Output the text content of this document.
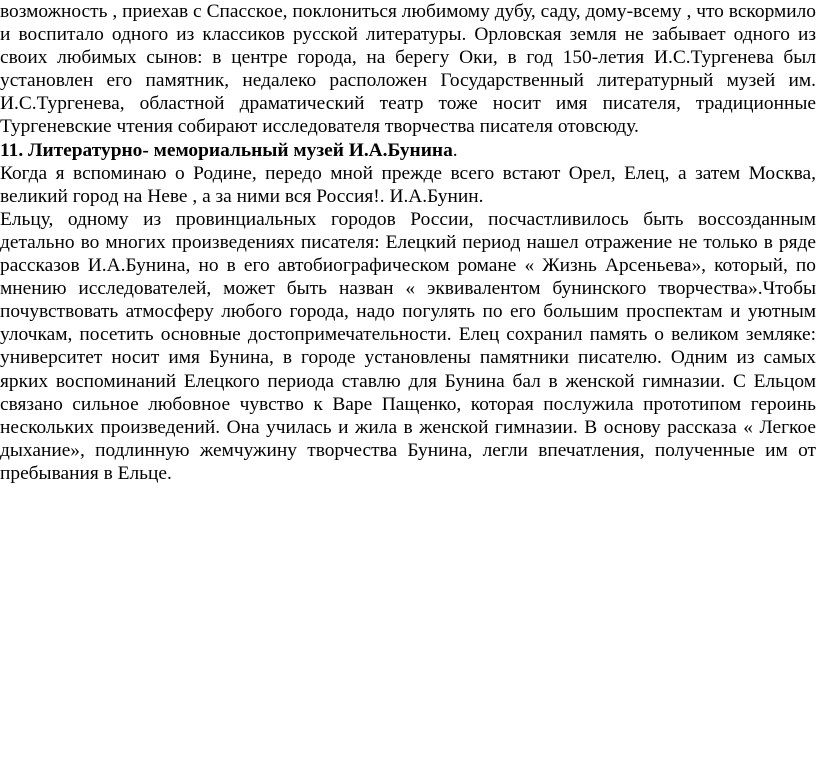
возможность , приехав с Спасское, поклониться любимому дубу, саду, дому-всему , что вскормило и воспитало одного из классиков русской литературы. Орловская земля не забывает одного из своих любимых сынов: в центре города, на берегу Оки, в год 150-летия И.С.Тургенева был установлен его памятник, недалеко расположен Государственный литературный музей им. И.С.Тургенева, областной драматический театр тоже носит имя писателя, традиционные Тургеневские чтения собирают исследователя творчества писателя отовсюду.

11. Литературно- мемориальный музей И.А.Бунина.

Когда я вспоминаю о Родине, передо мной прежде всего встают Орел, Елец, а затем Москва, великий город на Неве , а за ними вся Россия!. И.А.Бунин.

Ельцу, одному из провинциальных городов России, посчастливилось быть воссозданным детально во многих произведениях писателя: Елецкий период нашел отражение не только в ряде рассказов И.А.Бунина, но в его автобиографическом романе « Жизнь Арсеньева», который, по мнению исследователей, может быть назван « эквивалентом бунинского творчества».Чтобы почувствовать атмосферу любого города, надо погулять по его большим проспектам и уютным улочкам, посетить основные достопримечательности. Елец сохранил память о великом земляке: университет носит имя Бунина, в городе установлены памятники писателю. Одним из самых ярких воспоминаний Елецкого периода ставлю для Бунина бал в женской гимназии. С Ельцом связано сильное любовное чувство к Варе Пащенко, которая послужила прототипом героинь нескольких произведений. Она училась и жила в женской гимназии. В основу рассказа « Легкое дыхание», подлинную жемчужину творчества Бунина, легли впечатления, полученные им от пребывания в Ельце.
